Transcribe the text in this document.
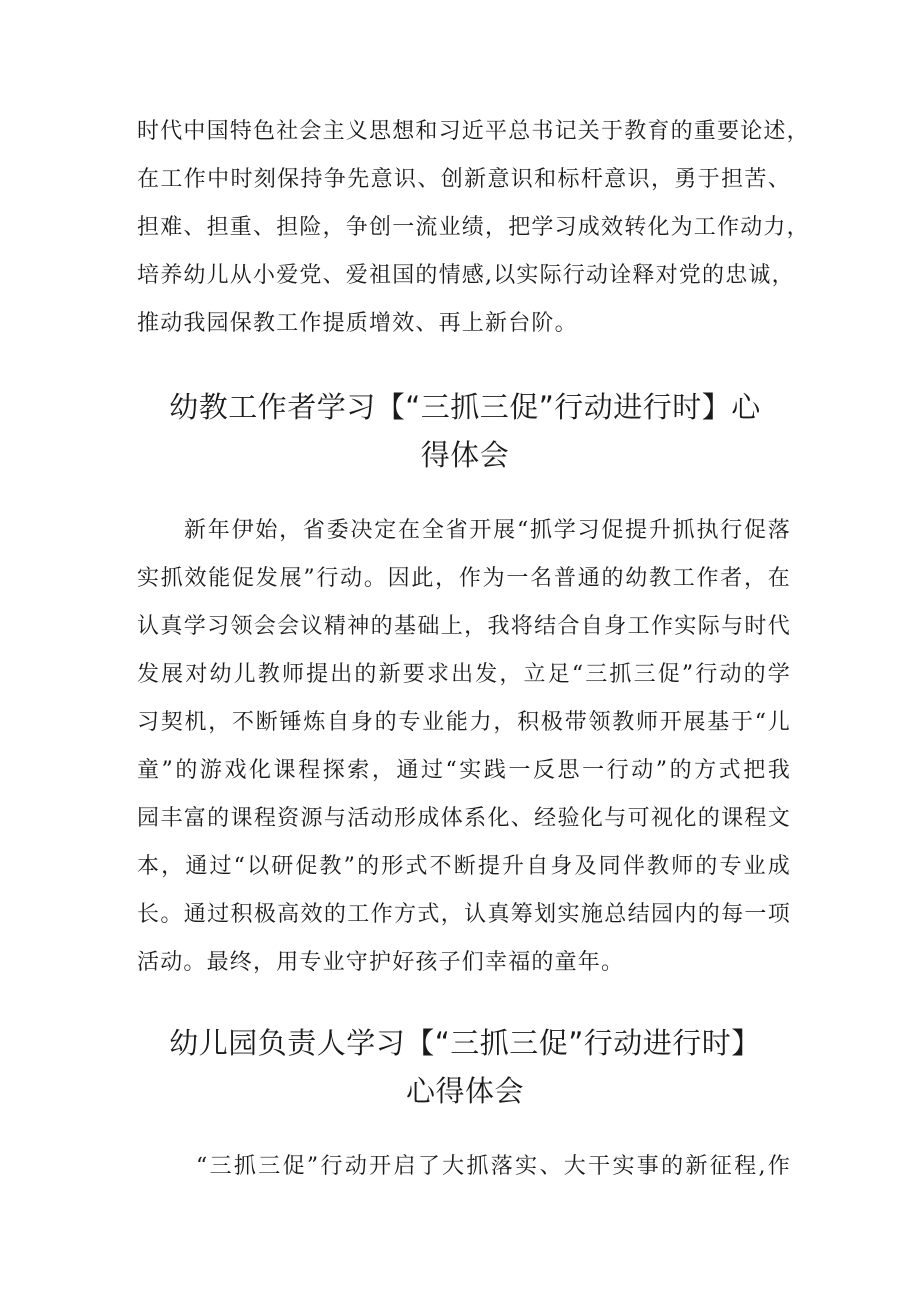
时代中国特色社会主义思想和习近平总书记关于教育的重要论述，
在工作中时刻保持争先意识、创新意识和标杆意识，勇于担苦、
担难、担重、担险，争创一流业绩，把学习成效转化为工作动力，
培养幼儿从小爱党、爱祖国的情感,以实际行动诠释对党的忠诚，
推动我园保教工作提质增效、再上新台阶。
幼教工作者学习【“三抓三促”行动进行时】心
得体会
新年伊始，省委决定在全省开展“抓学习促提升抓执行促落
实抓效能促发展”行动。因此，作为一名普通的幼教工作者，在
认真学习领会会议精神的基础上，我将结合自身工作实际与时代
发展对幼儿教师提出的新要求出发，立足“三抓三促”行动的学
习契机，不断锤炼自身的专业能力，积极带领教师开展基于“儿
童”的游戏化课程探索，通过“实践一反思一行动”的方式把我
园丰富的课程资源与活动形成体系化、经验化与可视化的课程文
本，通过“以研促教”的形式不断提升自身及同伴教师的专业成
长。通过积极高效的工作方式，认真筹划实施总结园内的每一项
活动。最终，用专业守护好孩子们幸福的童年。
幼儿园负责人学习【“三抓三促”行动进行时】
心得体会
“三抓三促”行动开启了大抓落实、大干实事的新征程,作
